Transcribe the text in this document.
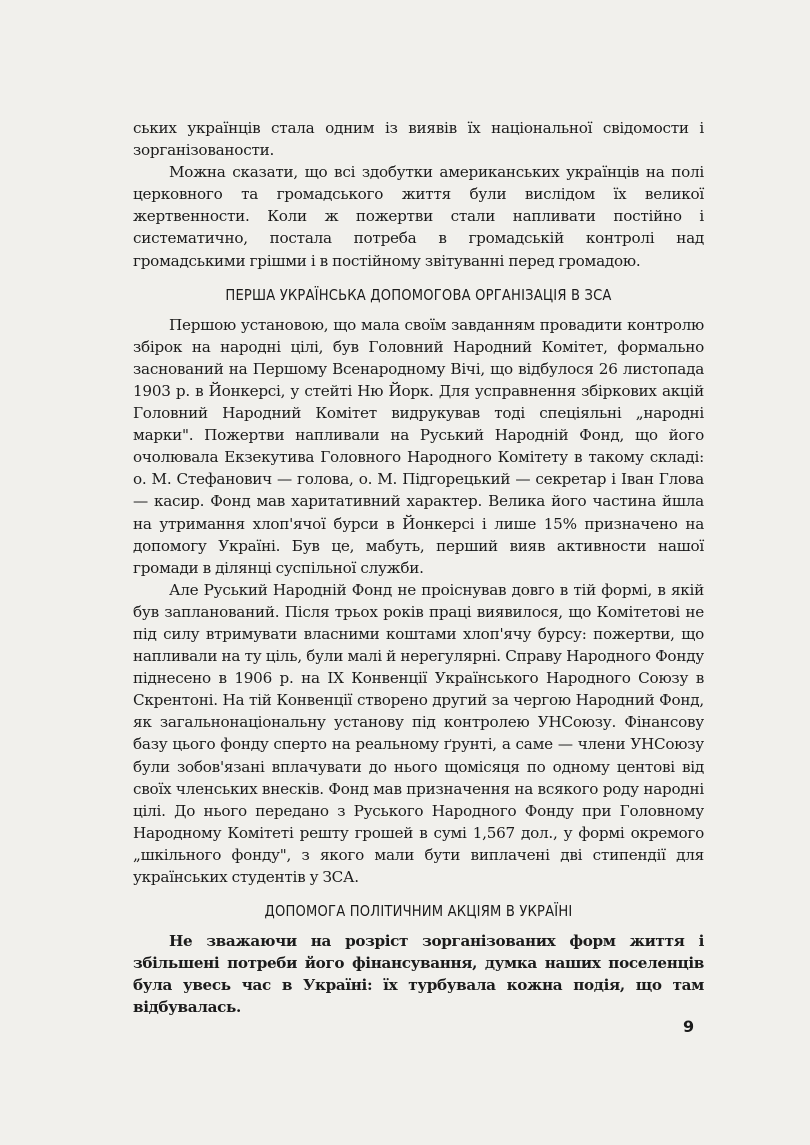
ських українців стала одним із виявів їх національної свідомости і зорганізованости.

Можна сказати, що всі здобутки американських українців на полі церковного та громадського життя були вислідом їх великої жертвенности. Коли ж пожертви стали напливати постійно і систематично, постала потреба в громадській контролі над громадськими грішми і в постійному звітуванні перед громадою.

ПЕРША УКРАЇНСЬКА ДОПОМОГОВА ОРГАНІЗАЦІЯ В ЗСА

Першою установою, що мала своїм завданням провадити контролю збірок на народні цілі, був Головний Народний Комітет, формально заснований на Першому Всенародному Вічі, що відбулося 26 листопада 1903 р. в Йонкерсі, у стейті Ню Йорк. Для усправнення збіркових акцій Головний Народний Комітет видрукував тоді спеціяльні „народні марки". Пожертви напливали на Руський Народній Фонд, що його очолювала Екзекутива Головного Народного Комітету в такому складі: о. М. Стефанович — голова, о. М. Підгорецький — секретар і Іван Глова — касир. Фонд мав харитативний характер. Велика його частина йшла на утримання хлоп'ячої бурси в Йонкерсі і лише 15% призначено на допомогу Україні. Був це, мабуть, перший вияв активности нашої громади в ділянці суспільної служби.

Але Руський Народній Фонд не проіснував довго в тій формі, в якій був запланований. Після трьох років праці виявилося, що Комітетові не під силу втримувати власними коштами хлоп'ячу бурсу: пожертви, що напливали на ту ціль, були малі й нерегулярні. Справу Народного Фонду піднесено в 1906 р. на IX Конвенції Українського Народного Союзу в Скрентоні. На тій Конвенції створено другий за чергою Народний Фонд, як загальнонаціональну установу під контролею УНСоюзу. Фінансову базу цього фонду сперто на реальному ґрунті, а саме — члени УНСоюзу були зобов'язані вплачувати до нього щомісяця по одному центові від своїх членських внесків. Фонд мав призначення на всякого роду народні цілі. До нього передано з Руського Народного Фонду при Головному Народному Комітеті решту грошей в сумі 1,567 дол., у формі окремого „шкільного фонду", з якого мали бути виплачені дві стипендії для українських студентів у ЗСА.

ДОПОМОГА ПОЛІТИЧНИМ АКЦІЯМ В УКРАЇНІ

Не зважаючи на розріст зорганізованих форм життя і збільшені потреби його фінансування, думка наших поселенців була увесь час в Україні: їх турбувала кожна подія, що там відбувалась.

9
